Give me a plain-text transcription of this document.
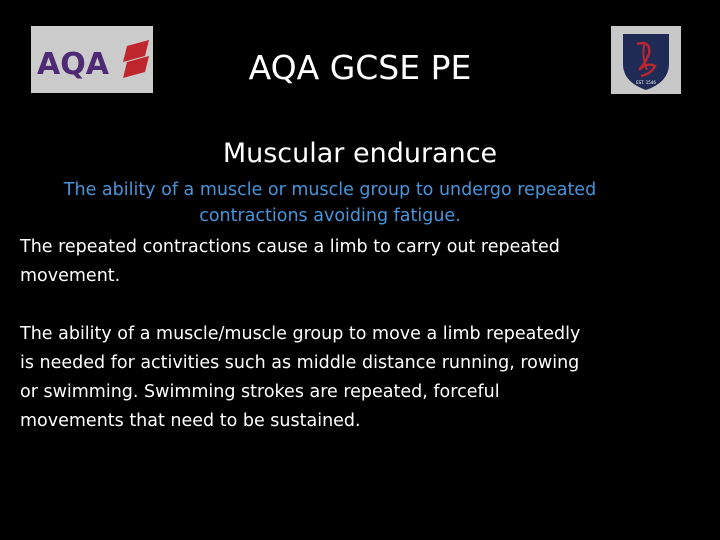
AQA
EST. 1546
AQA GCSE PE
Muscular endurance
The ability of a muscle or muscle group to undergo repeated
contractions avoiding fatigue.
The repeated contractions cause a limb to carry out repeated
movement.
The ability of a muscle/muscle group to move a limb repeatedly
is needed for activities such as middle distance running, rowing
or swimming. Swimming strokes are repeated, forceful
movements that need to be sustained.
